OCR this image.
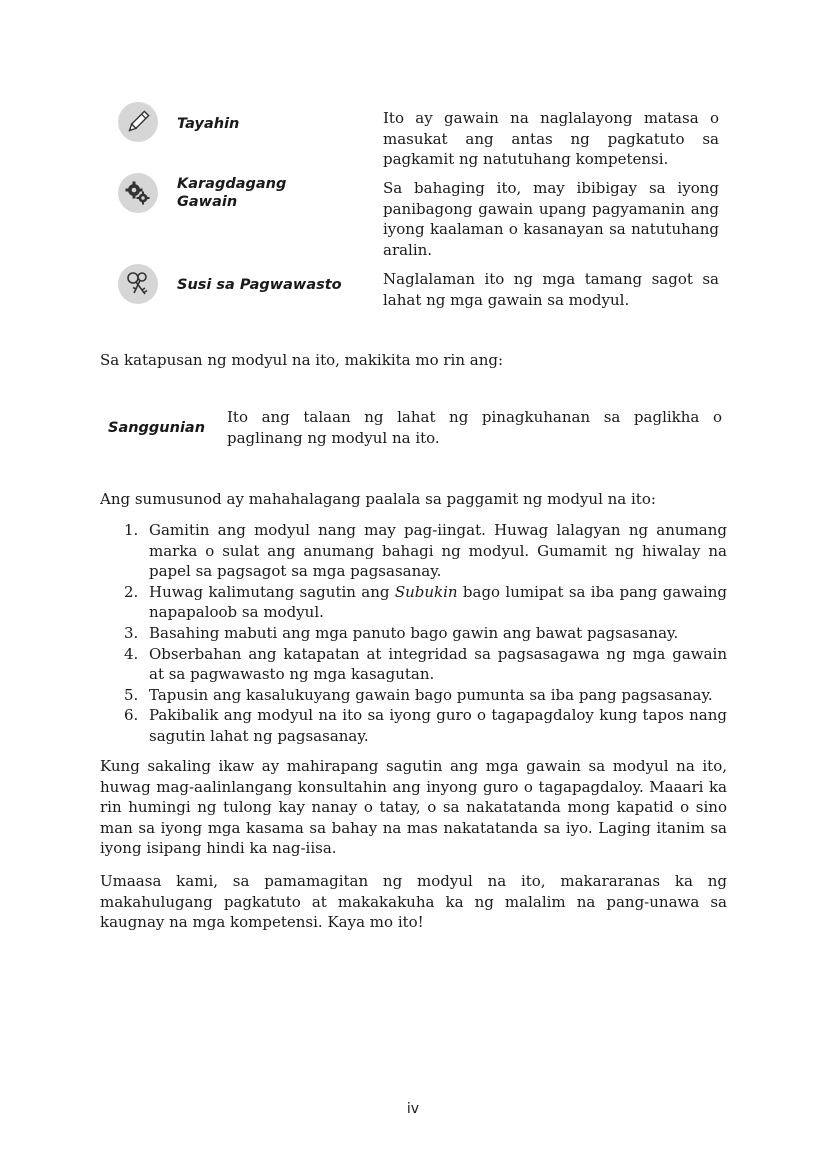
Tayahin	Ito ay gawain na naglalayong matasa o masukat ang antas ng pagkatuto sa pagkamit ng natutuhang kompetensi.
Karagdagang
Gawain
Sa bahaging ito, may ibibigay sa iyong panibagong gawain upang pagyamanin ang iyong kaalaman o kasanayan sa natutuhang aralin.
Susi sa Pagwawasto	Naglalaman ito ng mga tamang sagot sa lahat ng mga gawain sa modyul.
Sa katapusan ng modyul na ito, makikita mo rin ang:
Sanggunian
Ito ang talaan ng lahat ng pinagkuhanan sa paglikha o paglinang ng modyul na ito.
Ang sumusunod ay mahahalagang paalala sa paggamit ng modyul na ito:
1. Gamitin ang modyul nang may pag-iingat. Huwag lalagyan ng anumang marka o sulat ang anumang bahagi ng modyul. Gumamit ng hiwalay na papel sa pagsagot sa mga pagsasanay.
2. Huwag kalimutang sagutin ang Subukin bago lumipat sa iba pang gawaing napapaloob sa modyul.
3. Basahing mabuti ang mga panuto bago gawin ang bawat pagsasanay.
4. Obserbahan ang katapatan at integridad sa pagsasagawa ng mga gawain at sa pagwawasto ng mga kasagutan.
5. Tapusin ang kasalukuyang gawain bago pumunta sa iba pang pagsasanay.
6. Pakibalik ang modyul na ito sa iyong guro o tagapagdaloy kung tapos nang sagutin lahat ng pagsasanay.
Kung sakaling ikaw ay mahirapang sagutin ang mga gawain sa modyul na ito, huwag mag-aalinlangang konsultahin ang inyong guro o tagapagdaloy. Maaari ka rin humingi ng tulong kay nanay o tatay, o sa nakatatanda mong kapatid o sino man sa iyong mga kasama sa bahay na mas nakatatanda sa iyo. Laging itanim sa iyong isipang hindi ka nag-iisa.
Umaasa kami, sa pamamagitan ng modyul na ito, makararanas ka ng makahulugang pagkatuto at makakakuha ka ng malalim na pang-unawa sa kaugnay na mga kompetensi. Kaya mo ito!
iv
